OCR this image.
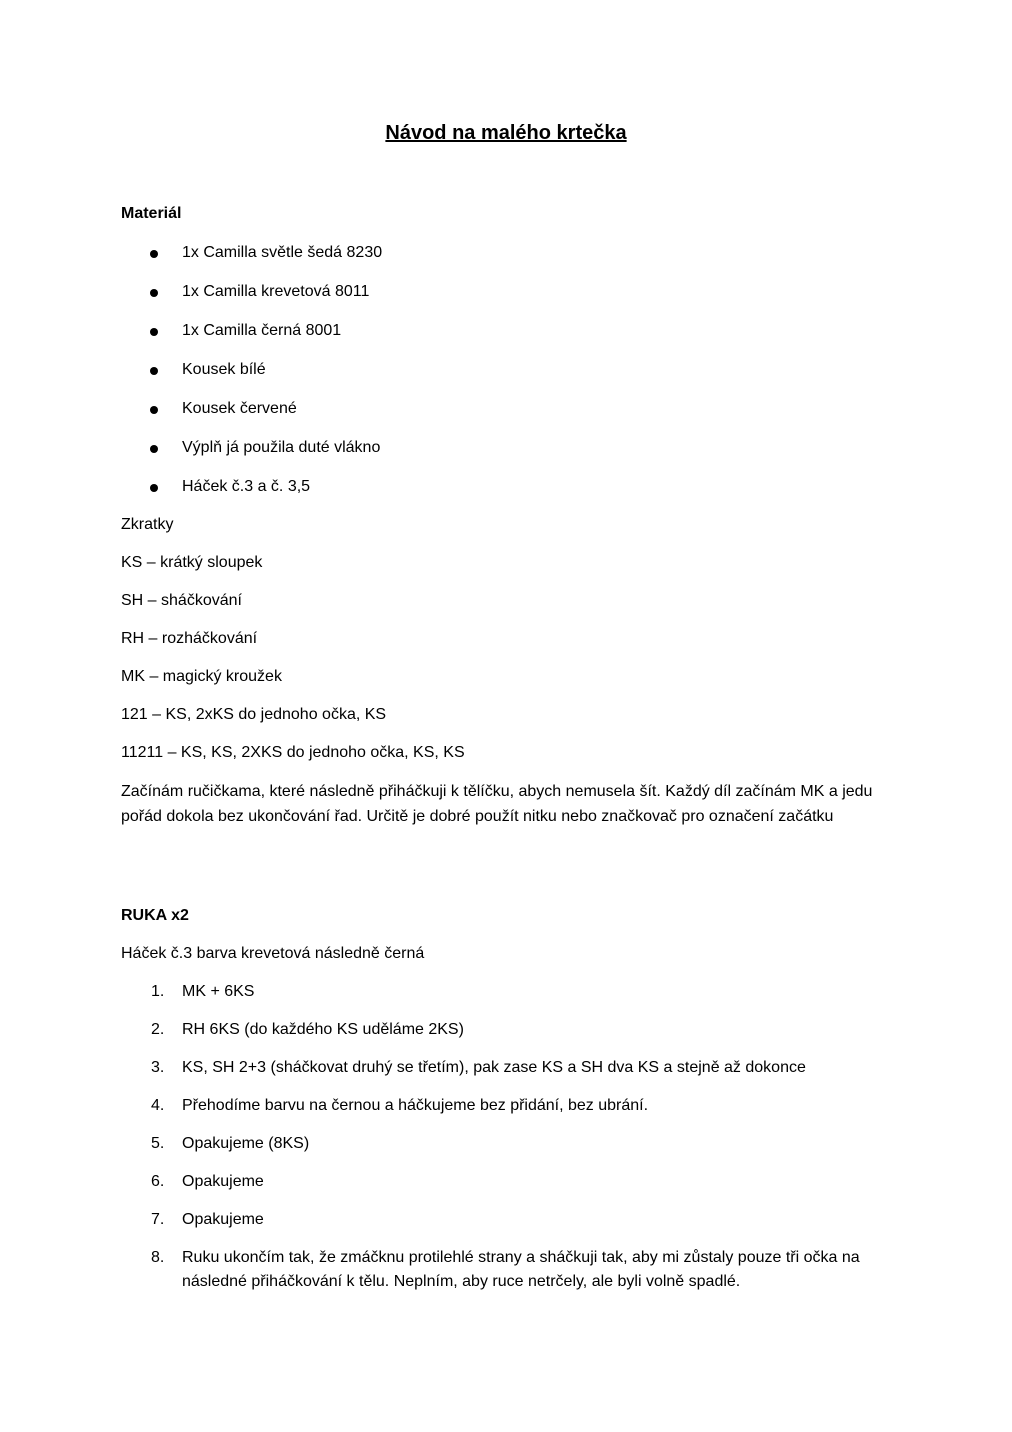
Návod na malého krtečka

Materiál

1x Camilla světle šedá 8230

1x Camilla krevetová 8011

1x Camilla černá 8001

Kousek bílé

Kousek červené

Výplň já použila duté vlákno

Háček č.3 a č. 3,5

Zkratky

KS – krátký sloupek

SH – sháčkování

RH – rozháčkování

MK – magický kroužek

121 – KS, 2xKS do jednoho očka, KS

11211 – KS, KS, 2XKS do jednoho očka, KS, KS

Začínám ručičkama, které následně přiháčkuji k tělíčku, abych nemusela šít. Každý díl začínám MK a jedu pořád dokola bez ukončování řad. Určitě je dobré použít nitku nebo značkovač pro označení začátku

RUKA x2

Háček č.3 barva krevetová následně černá

1. MK + 6KS

2. RH 6KS (do každého KS uděláme 2KS)

3. KS, SH 2+3 (sháčkovat druhý se třetím), pak zase KS a SH dva KS a stejně až dokonce

4. Přehodíme barvu na černou a háčkujeme bez přidání, bez ubrání.

5. Opakujeme (8KS)

6. Opakujeme

7. Opakujeme

8. Ruku ukončím tak, že zmáčknu protilehlé strany a sháčkuji tak, aby mi zůstaly pouze tři očka na následné přiháčkování k tělu. Neplním, aby ruce netrčely, ale byli volně spadlé.
